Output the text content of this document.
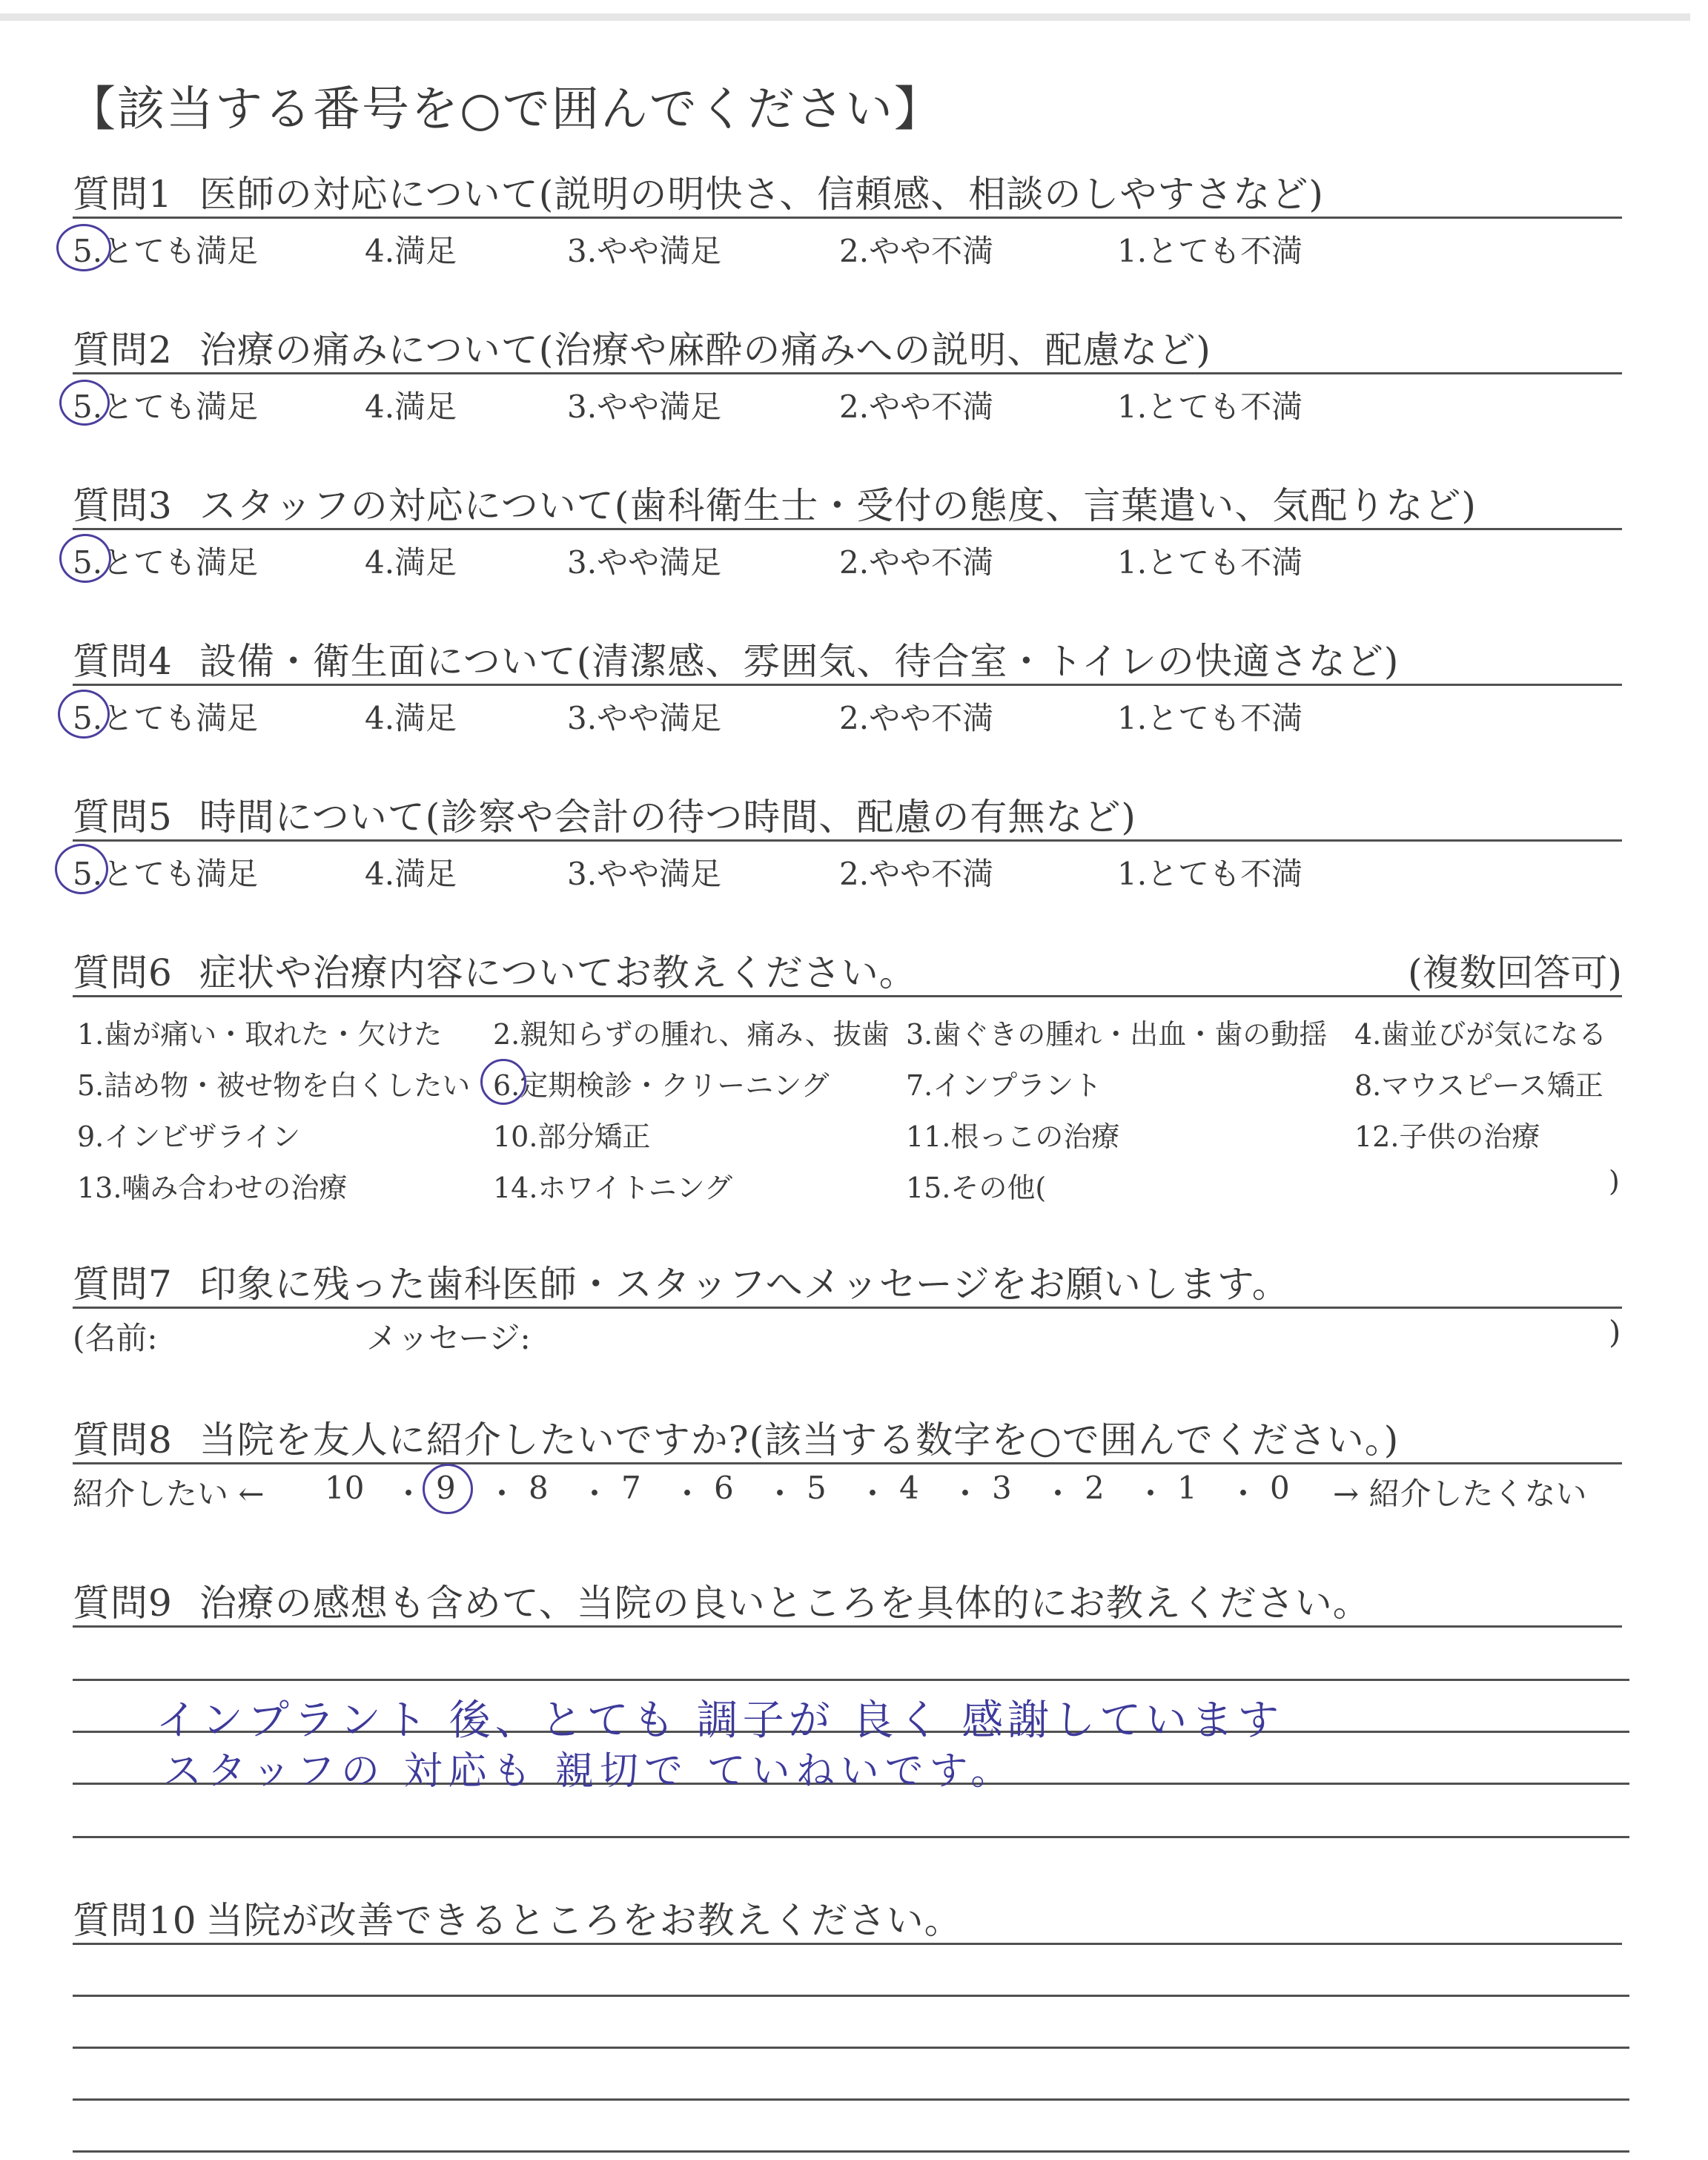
【該当する番号を○で囲んでください】
質問1 医師の対応について(説明の明快さ、信頼感、相談のしやすさなど)
5.とても満足	4.満足	3.やや満足	2.やや不満	1.とても不満
質問2 治療の痛みについて(治療や麻酔の痛みへの説明、配慮など)
5.とても満足	4.満足	3.やや満足	2.やや不満	1.とても不満
質問3 スタッフの対応について(歯科衛生士・受付の態度、言葉遣い、気配りなど)
5.とても満足	4.満足	3.やや満足	2.やや不満	1.とても不満
質問4 設備・衛生面について(清潔感、雰囲気、待合室・トイレの快適さなど)
5.とても満足	4.満足	3.やや満足	2.やや不満	1.とても不満
質問5 時間について(診察や会計の待つ時間、配慮の有無など)
5.とても満足	4.満足	3.やや満足	2.やや不満	1.とても不満
質問6 症状や治療内容についてお教えください。	(複数回答可)
1.歯が痛い・取れた・欠けた 2.親知らずの腫れ、痛み、抜歯 3.歯ぐきの腫れ・出血・歯の動揺 4.歯並びが気になる
5.詰め物・被せ物を白くしたい 6.定期検診・クリーニング	7.インプラント	8.マウスピース矯正
9.インビザライン	10.部分矯正	11.根っこの治療	12.子供の治療
13.噛み合わせの治療	14.ホワイトニング	15.その他(	)
質問7 印象に残った歯科医師・スタッフへメッセージをお願いします。
(名前:	メッセージ:	)
質問8 当院を友人に紹介したいですか?(該当する数字を○で囲んでください。)
紹介したい ← 10 ・ 9 ・ 8 ・ 7 ・ 6 ・ 5 ・ 4 ・ 3 ・ 2 ・ 1 ・ 0 → 紹介したくない
質問9 治療の感想も含めて、当院の良いところを具体的にお教えください。
インプラント 後、とても 調子が 良く 感謝しています
スタッフの 対応も 親切で ていねいです。
質問10 当院が改善できるところをお教えください。
